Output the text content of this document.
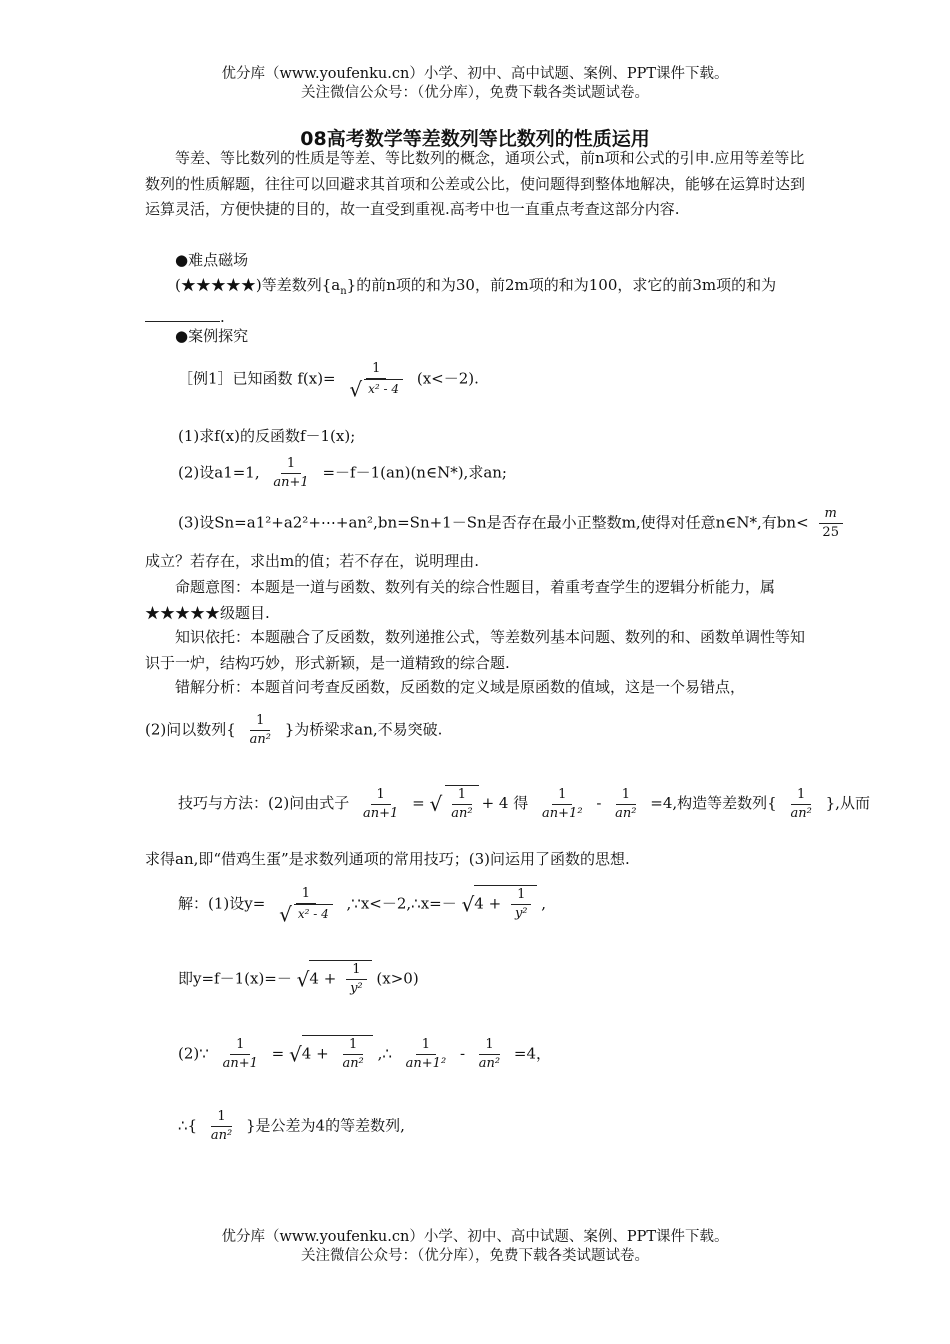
优分库（www.youfenku.cn）小学、初中、高中试题、案例、PPT课件下载。
关注微信公众号：（优分库），免费下载各类试题试卷。
08高考数学等差数列等比数列的性质运用
等差、等比数列的性质是等差、等比数列的概念，通项公式，前n项和公式的引申.应用等差等比数列的性质解题，往往可以回避求其首项和公差或公比，使问题得到整体地解决，能够在运算时达到运算灵活，方便快捷的目的，故一直受到重视.高考中也一直重点考查这部分内容.
●难点磁场
(★★★★★)等差数列$\{a_n\}$的前n项的和为30，前2m项的和为100，求它的前3m项的和为.
●案例探究
［例1］已知函数 $f(x)= \frac{1}{\text{√ x² - 4}} (x<-2)$.
(1)求f(x)的反函数f－1(x);
(2)设a1=1, $\frac{1}{an+1}$ =－f－1(an)(n∈N*),求an;
(3)设Sn=a1²+a2²+⋯+an²,bn=Sn+1－Sn是否存在最小正整数m,使得对任意n∈N*,有$bn< \frac{m}{25}$
成立？若存在，求出m的值；若不存在，说明理由.
命题意图：本题是一道与函数、数列有关的综合性题目，着重考查学生的逻辑分析能力，属★★★★★级题目.
知识依托：本题融合了反函数，数列递推公式，等差数列基本问题、数列的和、函数单调性等知识于一炉，结构巧妙，形式新颖，是一道精致的综合题.
错解分析：本题首问考查反函数，反函数的定义域是原函数的值域，这是一个易错点，
(2)问以数列{ $\frac{1}{\text{an²}}$ }为桥梁求an,不易突破.
技巧与方法：(2)问由式子 $\frac{1}{an+1}$ = √ $\frac{1}{\text{an²}} + 4$ 得 $\frac{1}{\text{an+1²}} - \frac{1}{\text{an²}} =4$,构造等差数列{ $\frac{1}{\text{an²}}$ },从而
求得an,即“借鸡生蛋”是求数列通项的常用技巧；(3)问运用了函数的思想.
解：(1)设$y= \frac{1}{\text{√ x² - 4}}$ ,∵x<－2,∴x=－ $√4 + \frac{1}{\text{y²}}$ ,
即$y=f-1(x)=- √4 + \frac{1}{\text{y²}} (x>0)$
(2)∵ $\frac{1}{an+1} = √4 + \frac{1}{\text{an²}}$ ,∴ $\frac{1}{\text{an+1²}} - \frac{1}{\text{an²}} =4$，
∴{ $\frac{1}{\text{an²}}$ }是公差为4的等差数列,
优分库（www.youfenku.cn）小学、初中、高中试题、案例、PPT课件下载。
关注微信公众号：（优分库），免费下载各类试题试卷。
